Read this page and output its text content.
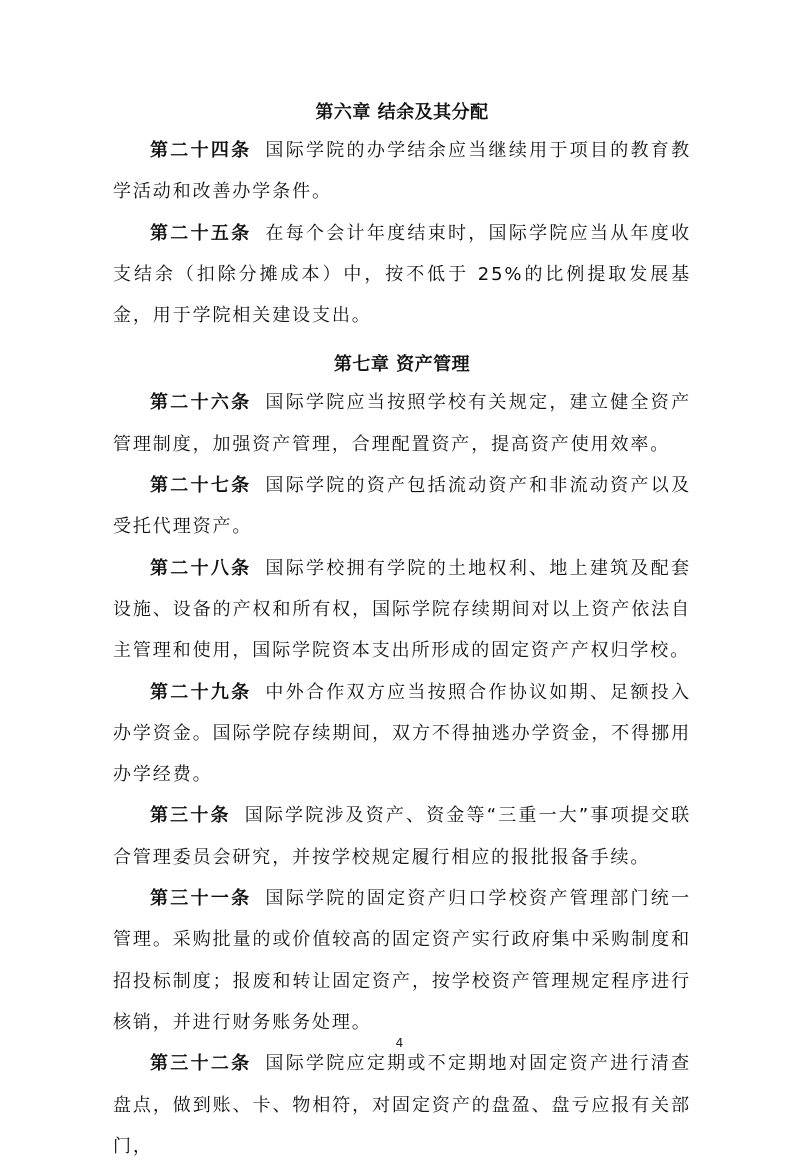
第六章 结余及其分配

第二十四条 国际学院的办学结余应当继续用于项目的教育教学活动和改善办学条件。

第二十五条 在每个会计年度结束时，国际学院应当从年度收支结余（扣除分摊成本）中，按不低于 25%的比例提取发展基金，用于学院相关建设支出。

第七章 资产管理

第二十六条 国际学院应当按照学校有关规定，建立健全资产管理制度，加强资产管理，合理配置资产，提高资产使用效率。

第二十七条 国际学院的资产包括流动资产和非流动资产以及受托代理资产。

第二十八条 国际学校拥有学院的土地权利、地上建筑及配套设施、设备的产权和所有权，国际学院存续期间对以上资产依法自主管理和使用，国际学院资本支出所形成的固定资产产权归学校。

第二十九条 中外合作双方应当按照合作协议如期、足额投入办学资金。国际学院存续期间，双方不得抽逃办学资金，不得挪用办学经费。

第三十条 国际学院涉及资产、资金等“三重一大”事项提交联合管理委员会研究，并按学校规定履行相应的报批报备手续。

第三十一条 国际学院的固定资产归口学校资产管理部门统一管理。采购批量的或价值较高的固定资产实行政府集中采购制度和招投标制度；报废和转让固定资产，按学校资产管理规定程序进行核销，并进行财务账务处理。

第三十二条 国际学院应定期或不定期地对固定资产进行清查盘点，做到账、卡、物相符，对固定资产的盘盈、盘亏应报有关部门，

4
